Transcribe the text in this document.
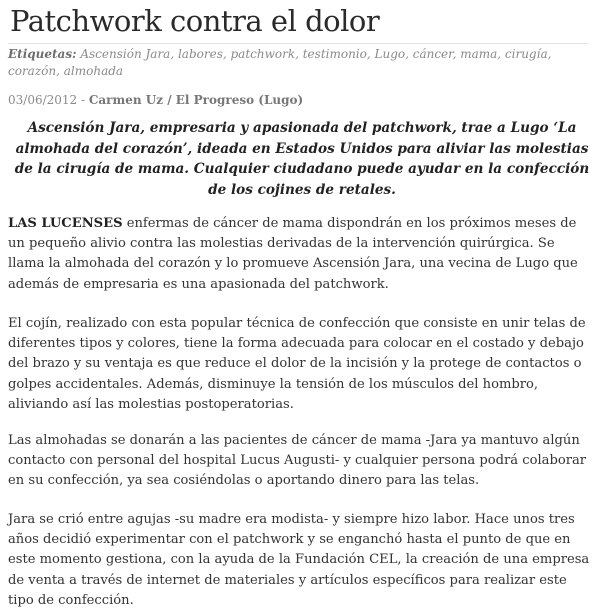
Patchwork contra el dolor
Etiquetas: Ascensión Jara, labores, patchwork, testimonio, Lugo, cáncer, mama, cirugía, corazón, almohada
03/06/2012 - Carmen Uz / El Progreso (Lugo)

Ascensión Jara, empresaria y apasionada del patchwork, trae a Lugo ‘La almohada del corazón’, ideada en Estados Unidos para aliviar las molestias de la cirugía de mama. Cualquier ciudadano puede ayudar en la confección de los cojines de retales.

LAS LUCENSES enfermas de cáncer de mama dispondrán en los próximos meses de un pequeño alivio contra las molestias derivadas de la intervención quirúrgica. Se llama la almohada del corazón y lo promueve Ascensión Jara, una vecina de Lugo que además de empresaria es una apasionada del patchwork.

El cojín, realizado con esta popular técnica de confección que consiste en unir telas de diferentes tipos y colores, tiene la forma adecuada para colocar en el costado y debajo del brazo y su ventaja es que reduce el dolor de la incisión y la protege de contactos o golpes accidentales. Además, disminuye la tensión de los músculos del hombro, aliviando así las molestias postoperatorias.

Las almohadas se donarán a las pacientes de cáncer de mama -Jara ya mantuvo algún contacto con personal del hospital Lucus Augusti- y cualquier persona podrá colaborar en su confección, ya sea cosiéndolas o aportando dinero para las telas.

Jara se crió entre agujas -su madre era modista- y siempre hizo labor. Hace unos tres años decidió experimentar con el patchwork y se enganchó hasta el punto de que en este momento gestiona, con la ayuda de la Fundación CEL, la creación de una empresa de venta a través de internet de materiales y artículos específicos para realizar este tipo de confección.
